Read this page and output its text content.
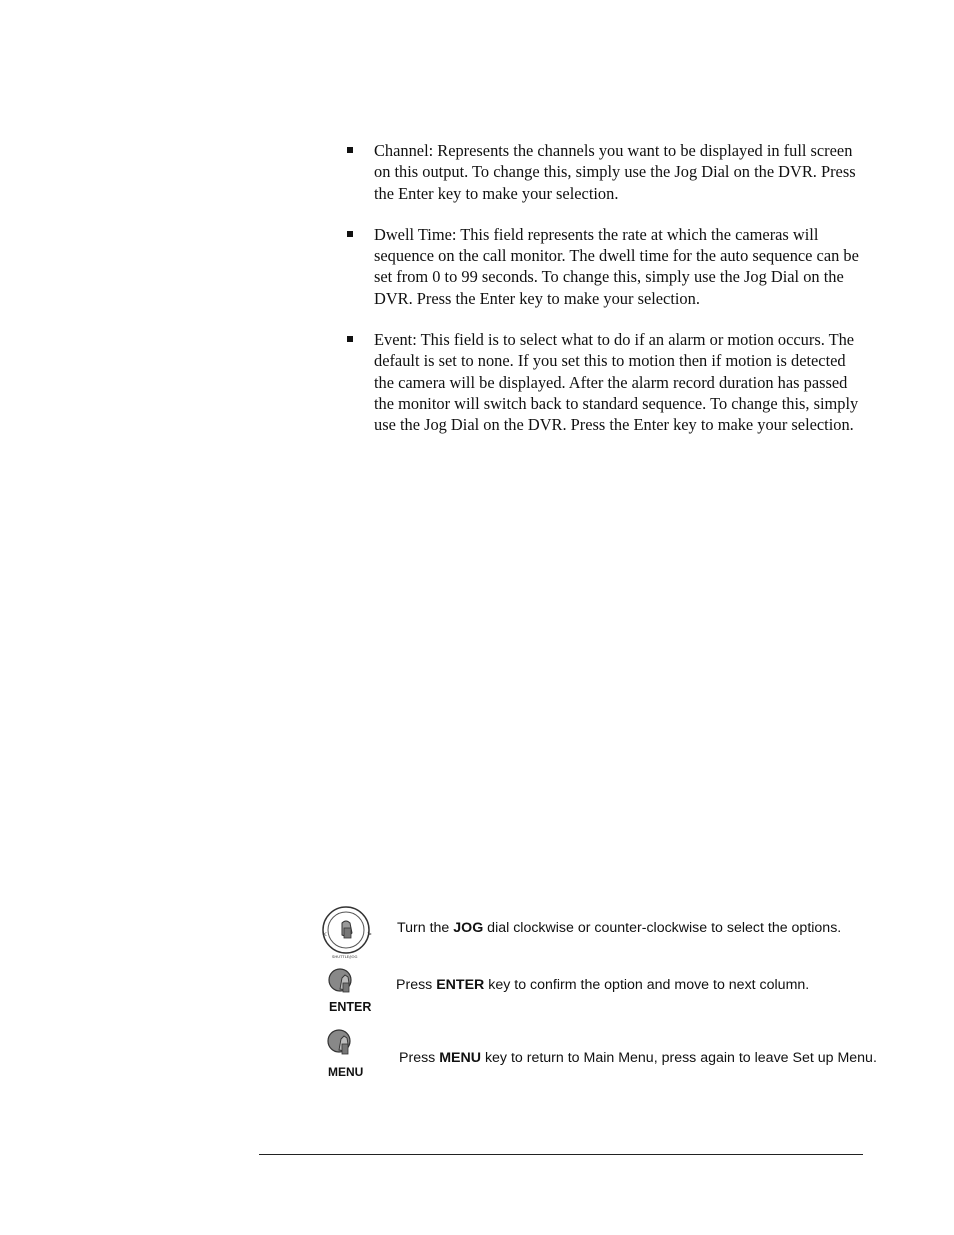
Channel: Represents the channels you want to be displayed in full screen on this output. To change this, simply use the Jog Dial on the DVR. Press the Enter key to make your selection.
Dwell Time: This field represents the rate at which the cameras will sequence on the call monitor. The dwell time for the auto sequence can be set from 0 to 99 seconds. To change this, simply use the Jog Dial on the DVR. Press the Enter key to make your selection.
Event: This field is to select what to do if an alarm or motion occurs. The default is set to none. If you set this to motion then if motion is detected the camera will be displayed. After the alarm record duration has passed the monitor will switch back to standard sequence. To change this, simply use the Jog Dial on the DVR. Press the Enter key to make your selection.
<	>
SHUTTLE/JOG
Turn the JOG dial clockwise or counter-clockwise to select the options.
ENTER
Press ENTER key to confirm the option and move to next column.
MENU
Press MENU key to return to Main Menu, press again to leave Set up Menu.
